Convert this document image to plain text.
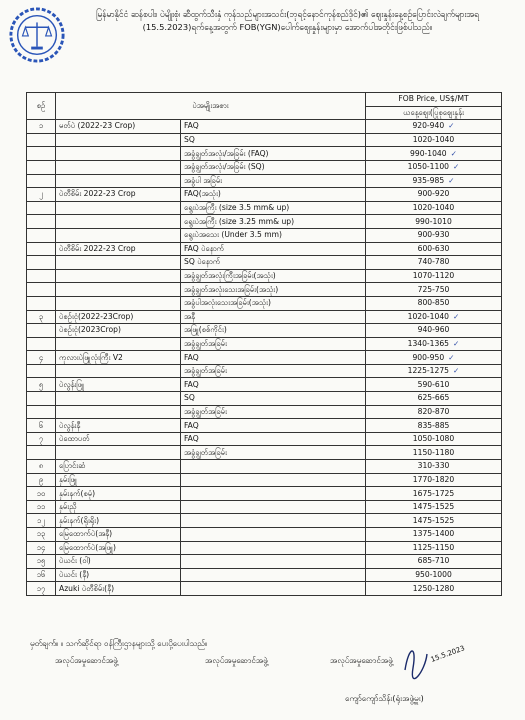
မြန်မာနိုင်ငံ ဆန်စပါး၊ ပဲမျိုးစုံ၊ ဆီထွက်သီးနှံ ကုန်သည်များအသင်း(ဘုရင့်နောင်ကုန်စည်ဒိုင်)၏ ဈေးနှုန်းနေ့စဉ်ပြောင်းလဲချက်များအရ (15.5.2023)ရက်နေ့အတွက် FOB(YGN)ပေါက်ဈေးနှုန်းများမှာ အောက်ပါအတိုင်းဖြစ်ပါသည်။
စဉ်	ပဲအမျိုးအစား		FOB Price, US$/MT
			ယနေ့ဈေး(ပြုစုဈေးနှုန်း
၁	မတ်ပဲ (2022-23 Crop)	FAQ	920-940 ✓
		SQ	1020-1040
		အခွံချွတ်အလုံး/အခြမ်း (FAQ)	990-1040 ✓
		အခွံချွတ်အလုံး/အခြမ်း (SQ)	1050-1100 ✓
		အခွံပါ အခြမ်း	935-985 ✓
၂	ပဲတီစိမ်း 2022-23 Crop	FAQ(အသုံး)	900-920
		ရွေးပဲအကြီး (size 3.5 mm& up)	1020-1040
		ရွေးပဲအကြီး (size 3.25 mm& up)	990-1010
		ရွေးပဲအသေး (Under 3.5 mm)	900-930
	ပဲတီစိမ်း 2022-23 Crop	FAQ ပဲနောက်	600-630
		SQ ပဲနောက်	740-780
		အခွံချွတ်အလုံးကြီးအခြမ်း(အသုံး)	1070-1120
		အခွံချွတ်အလုံးသေးအခြမ်း(အသုံး)	725-750
		အခွံပါအလုံးသေးအခြမ်း(အသုံး)	800-850
၃	ပဲစဉ်းငုံ(2022-23Crop)	အနီ	1020-1040 ✓
	ပဲစဉ်းငုံ(2023Crop)	အဖြူ(စစ်ကိုင်း)	940-960
		အခွံချွတ်အခြမ်း	1340-1365 ✓
၄	ကုလားပဲဖြူလုံးကြီး V2	FAQ	900-950 ✓
		အခွံချွတ်အခြမ်း	1225-1275 ✓
၅	ပဲလွန်းဖြူ	FAQ	590-610
		SQ	625-665
		အခွံချွတ်အခြမ်း	820-870
၆	ပဲလွန်းနီ	FAQ	835-885
၇	ပဲထောပတ်	FAQ	1050-1080
		အခွံချွတ်အခြမ်း	1150-1180
၈	ပြောင်းဆံ		310-330
၉	နှမ်းဖြူ		1770-1820
၁၀	နှမ်းနက်(စမုံ)		1675-1725
၁၁	နှမ်းညို		1475-1525
၁၂	နှမ်းနက်(ရိုးရိုး)		1475-1525
၁၃	မြေထောက်ပဲ(အနီ)		1375-1400
၁၄	မြေထောက်ပဲ(အဖြူ)		1125-1150
၁၅	ပဲယင်း (ဝါ)		685-710
၁၆	ပဲယင်း (နီ)		950-1000
၁၇	Azuki ပဲတီစိမ်း(နီ)		1250-1280
မှတ်ချက်။ ။ သက်ဆိုင်ရာ ဝန်ကြီးဌာနများသို့ ပေးပို့ပေးပါသည်။
အလုပ်အမှုဆောင်အဖွဲ့	အလုပ်အမှုဆောင်အဖွဲ့	အလုပ်အမှုဆောင်အဖွဲ့	15.5.2023
ကျော်ကျော်သိန်း(ရုံးအဖွဲ့မှူး)
